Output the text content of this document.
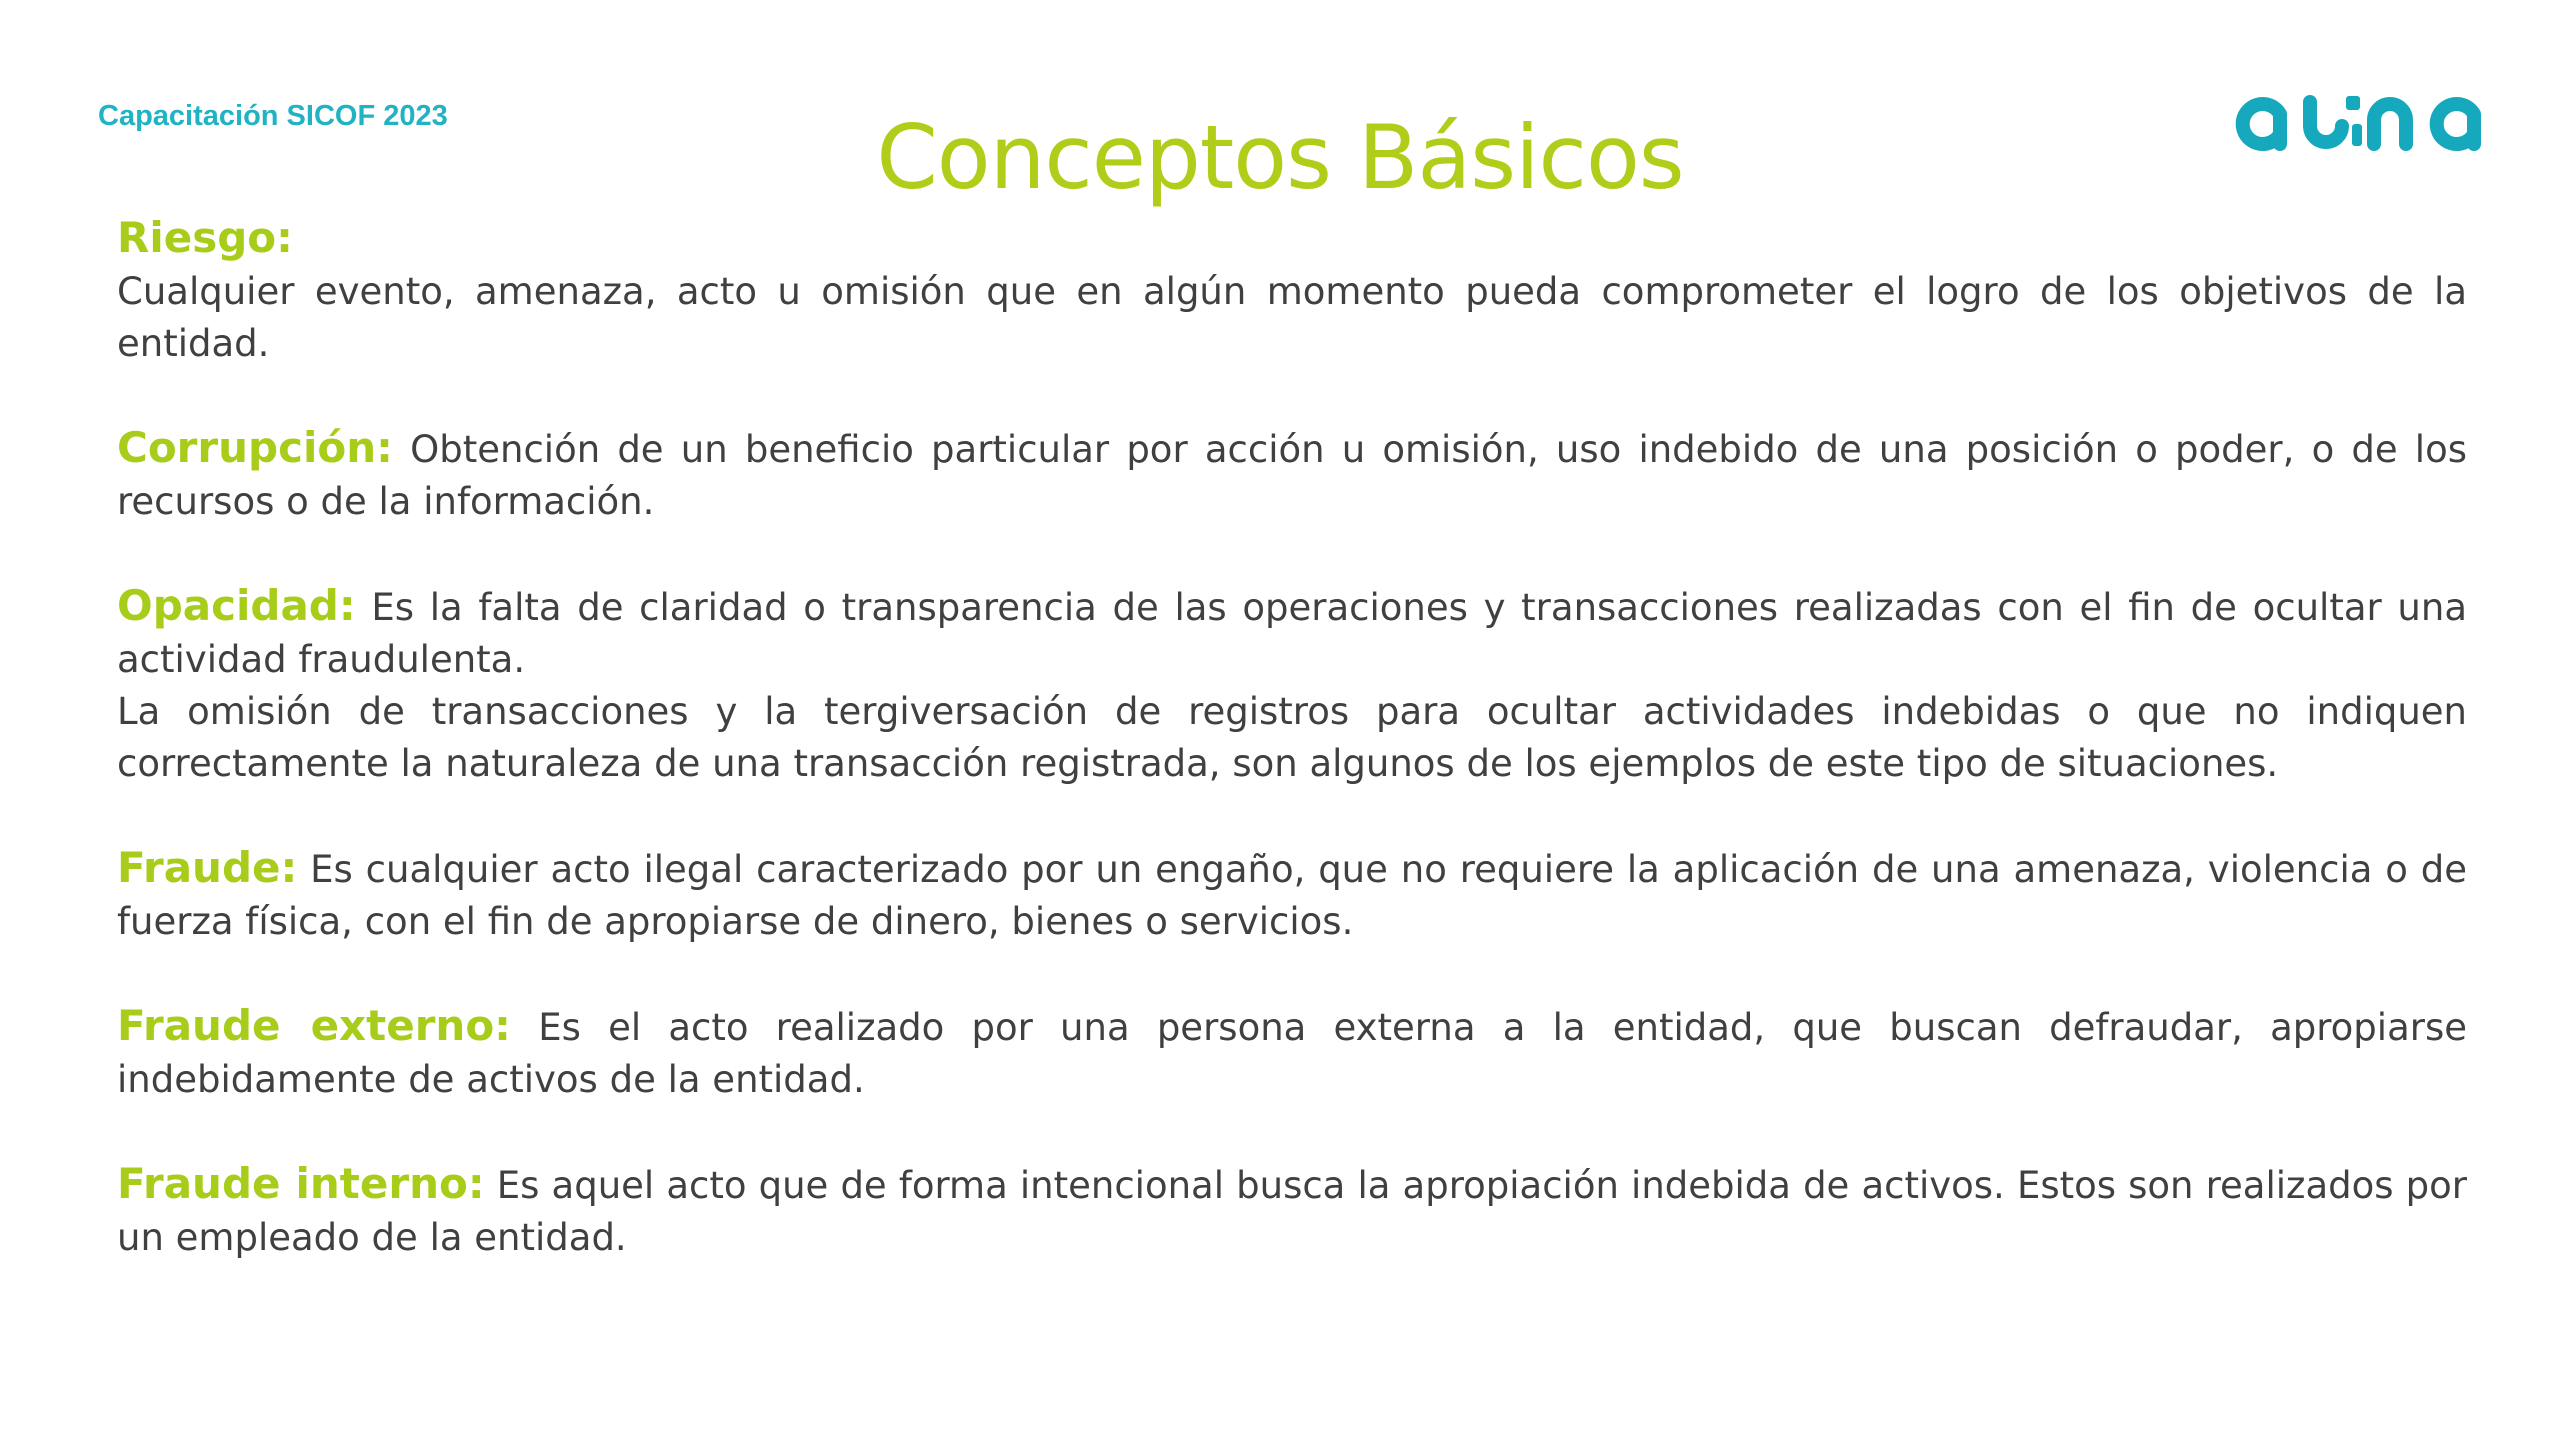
Capacitación SICOF 2023	Conceptos Básicos
Riesgo:
Cualquier evento, amenaza, acto u omisión que en algún momento pueda comprometer el logro de los objetivos de la entidad.
Corrupción: Obtención de un beneficio particular por acción u omisión, uso indebido de una posición o poder, o de los recursos o de la información.

Opacidad: Es la falta de claridad o transparencia de las operaciones y transacciones realizadas con el fin de ocultar una actividad fraudulenta.

La omisión de transacciones y la tergiversación de registros para ocultar actividades indebidas o que no indiquen correctamente la naturaleza de una transacción registrada, son algunos de los ejemplos de este tipo de situaciones.

Fraude: Es cualquier acto ilegal caracterizado por un engaño, que no requiere la aplicación de una amenaza, violencia o de fuerza física, con el fin de apropiarse de dinero, bienes o servicios.
Fraude externo: Es el acto realizado por una persona externa a la entidad, que buscan defraudar, apropiarse indebidamente de activos de la entidad.
Fraude interno: Es aquel acto que de forma intencional busca la apropiación indebida de activos. Estos son realizados por un empleado de la entidad.
